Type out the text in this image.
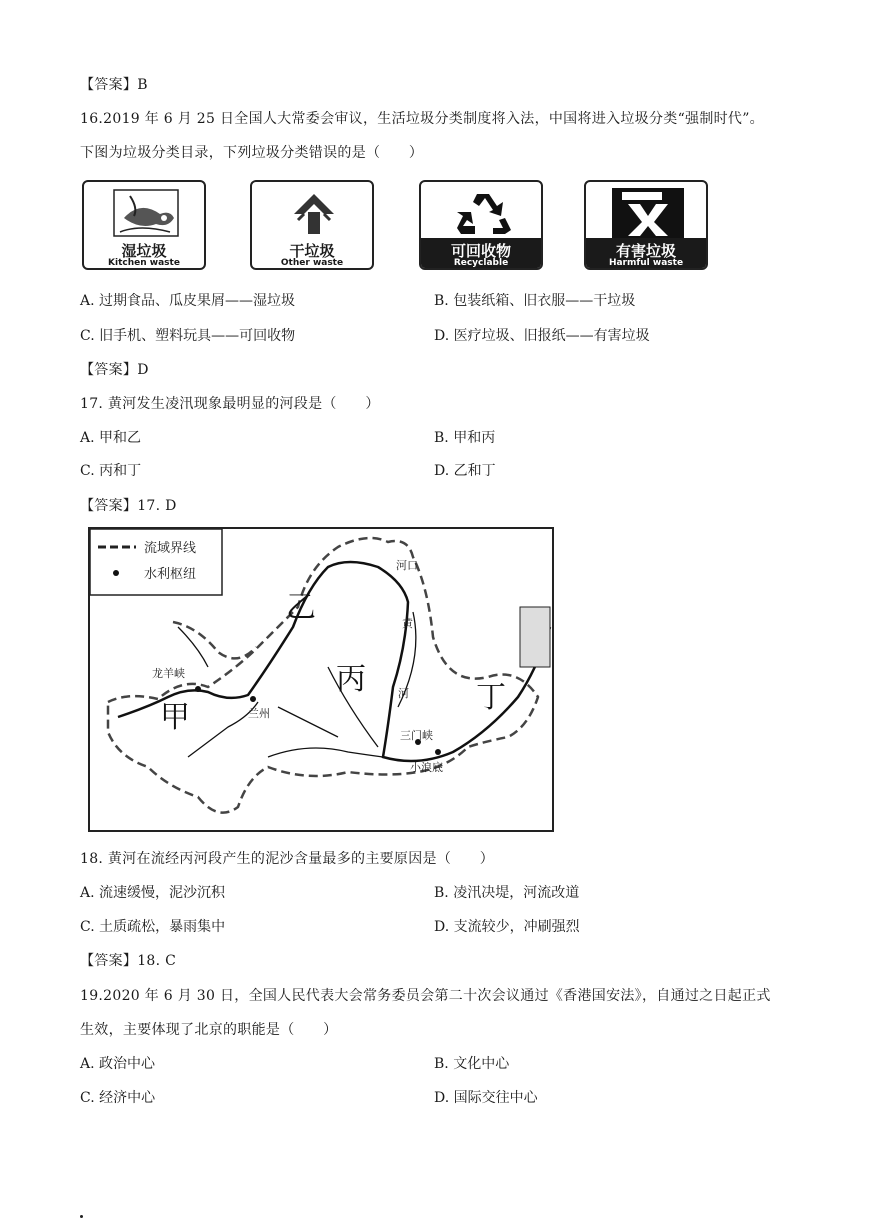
【答案】B
16.2019 年 6 月 25 日全国人大常委会审议，生活垃圾分类制度将入法，中国将进入垃圾分类“强制时代”。
下图为垃圾分类目录，下列垃圾分类错误的是（　　）
湿垃圾
Kitchen waste
干垃圾
Other waste
可回收物
Recyclable
有害垃圾
Harmful waste
A. 过期食品、瓜皮果屑——湿垃圾	B. 包装纸箱、旧衣服——干垃圾
C. 旧手机、塑料玩具——可回收物	D. 医疗垃圾、旧报纸——有害垃圾
【答案】D
17. 黄河发生凌汛现象最明显的河段是（　　）
A. 甲和乙	B. 甲和丙
C. 丙和丁	D. 乙和丁
【答案】17. D
流域界线
水利枢纽
甲
乙
丙
丁
龙羊峡
兰州
河口
黄
河
三门峡
小浪底
18. 黄河在流经丙河段产生的泥沙含量最多的主要原因是（　　）
A. 流速缓慢，泥沙沉积	B. 凌汛决堤，河流改道
C. 土质疏松，暴雨集中	D. 支流较少，冲刷强烈
【答案】18. C
19.2020 年 6 月 30 日，全国人民代表大会常务委员会第二十次会议通过《香港国安法》，自通过之日起正式
生效，主要体现了北京的职能是（　　）
A. 政治中心	B. 文化中心
C. 经济中心	D. 国际交往中心
